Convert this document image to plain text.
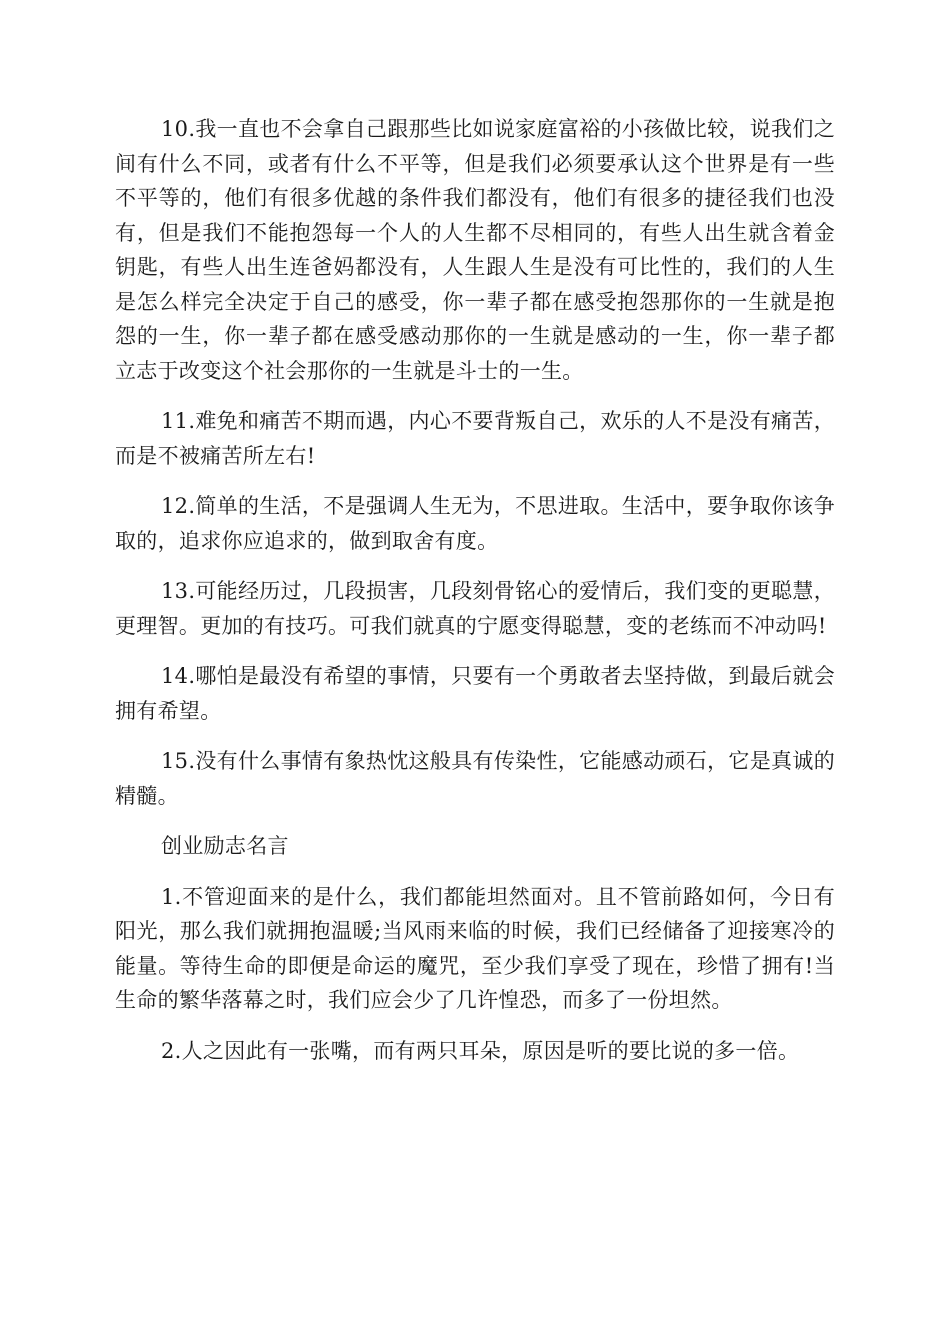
10.我一直也不会拿自己跟那些比如说家庭富裕的小孩做比较，说我们之间有什么不同，或者有什么不平等，但是我们必须要承认这个世界是有一些不平等的，他们有很多优越的条件我们都没有，他们有很多的捷径我们也没有，但是我们不能抱怨每一个人的人生都不尽相同的，有些人出生就含着金钥匙，有些人出生连爸妈都没有，人生跟人生是没有可比性的，我们的人生是怎么样完全决定于自己的感受，你一辈子都在感受抱怨那你的一生就是抱怨的一生，你一辈子都在感受感动那你的一生就是感动的一生，你一辈子都立志于改变这个社会那你的一生就是斗士的一生。

11.难免和痛苦不期而遇，内心不要背叛自己，欢乐的人不是没有痛苦，而是不被痛苦所左右!

12.简单的生活，不是强调人生无为，不思进取。生活中，要争取你该争取的，追求你应追求的，做到取舍有度。

13.可能经历过，几段损害，几段刻骨铭心的爱情后，我们变的更聪慧，更理智。更加的有技巧。可我们就真的宁愿变得聪慧，变的老练而不冲动吗!

14.哪怕是最没有希望的事情，只要有一个勇敢者去坚持做，到最后就会拥有希望。

15.没有什么事情有象热忱这般具有传染性，它能感动顽石，它是真诚的精髓。

创业励志名言

1.不管迎面来的是什么，我们都能坦然面对。且不管前路如何，今日有阳光，那么我们就拥抱温暖;当风雨来临的时候，我们已经储备了迎接寒冷的能量。等待生命的即便是命运的魔咒，至少我们享受了现在，珍惜了拥有!当生命的繁华落幕之时，我们应会少了几许惶恐，而多了一份坦然。

2.人之因此有一张嘴，而有两只耳朵，原因是听的要比说的多一倍。
